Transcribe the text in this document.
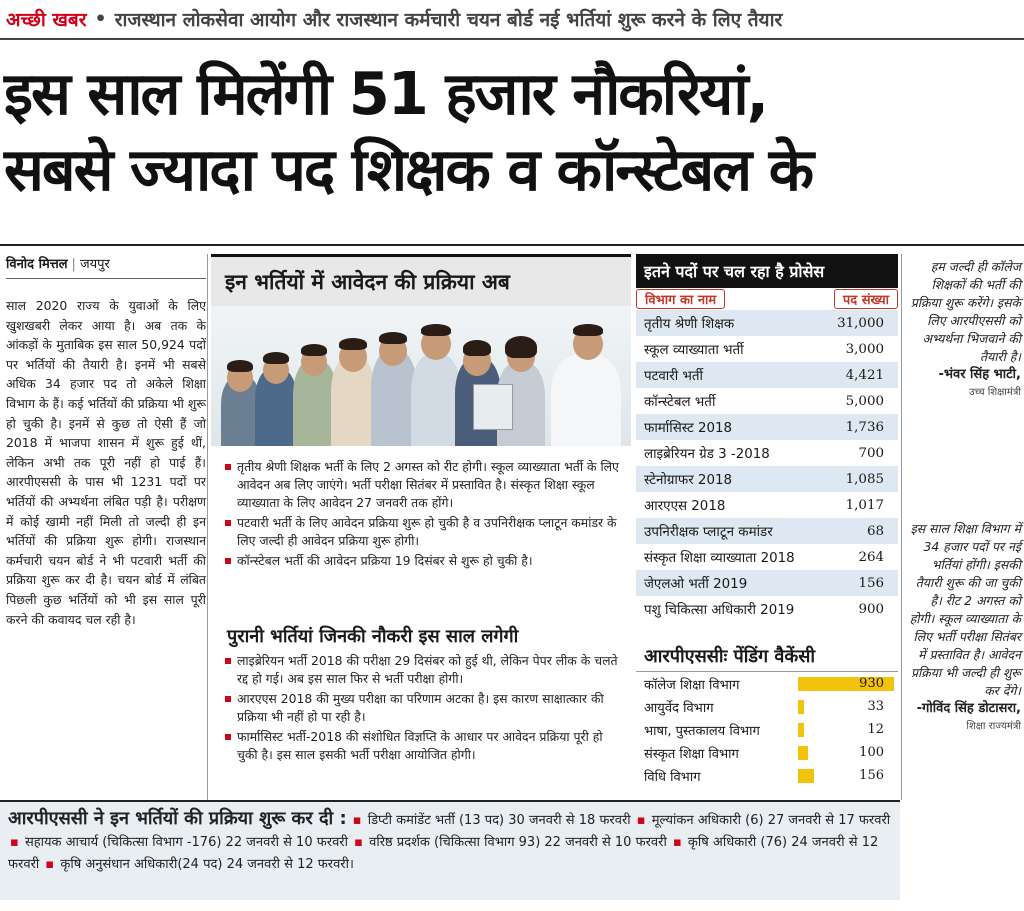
अच्छी खबर • राजस्थान लोकसेवा आयोग और राजस्थान कर्मचारी चयन बोर्ड नई भर्तियां शुरू करने के लिए तैयार
इस साल मिलेंगी 51 हजार नौकरियां,
सबसे ज्यादा पद शिक्षक व कॉन्स्टेबल के
विनोद मित्तल | जयपुर

साल 2020 राज्य के युवाओं के लिए खुशखबरी लेकर आया है। अब तक के आंकड़ों के मुताबिक इस साल 50,924 पदों पर भर्तियों की तैयारी है। इनमें भी सबसे अधिक 34 हजार पद तो अकेले शिक्षा विभाग के हैं। कई भर्तियों की प्रक्रिया भी शुरू हो चुकी है। इनमें से कुछ तो ऐसी हैं जो 2018 में भाजपा शासन में शुरू हुई थीं, लेकिन अभी तक पूरी नहीं हो पाई हैं। आरपीएससी के पास भी 1231 पदों पर भर्तियों की अभ्यर्थना लंबित पड़ी है। परीक्षण में कोई खामी नहीं मिली तो जल्दी ही इन भर्तियों की प्रक्रिया शुरू होगी। राजस्थान कर्मचारी चयन बोर्ड ने भी पटवारी भर्ती की प्रक्रिया शुरू कर दी है। चयन बोर्ड में लंबित पिछली कुछ भर्तियों को भी इस साल पूरी करने की कवायद चल रही है।

इन भर्तियों में आवेदन की प्रक्रिया अब
तृतीय श्रेणी शिक्षक भर्ती के लिए 2 अगस्त को रीट होगी। स्कूल व्याख्याता भर्ती के लिए आवेदन अब लिए जाएंगे। भर्ती परीक्षा सितंबर में प्रस्तावित है। संस्कृत शिक्षा स्कूल व्याख्याता के लिए आवेदन 27 जनवरी तक होंगे।
पटवारी भर्ती के लिए आवेदन प्रक्रिया शुरू हो चुकी है व उपनिरीक्षक प्लाटून कमांडर के लिए जल्दी ही आवेदन प्रक्रिया शुरू होगी।
कॉन्स्टेबल भर्ती की आवेदन प्रक्रिया 19 दिसंबर से शुरू हो चुकी है।
पुरानी भर्तियां जिनकी नौकरी इस साल लगेगी
लाइब्रेरियन भर्ती 2018 की परीक्षा 29 दिसंबर को हुई थी, लेकिन पेपर लीक के चलते रद्द हो गई। अब इस साल फिर से भर्ती परीक्षा होगी।
आरएएस 2018 की मुख्य परीक्षा का परिणाम अटका है। इस कारण साक्षात्कार की प्रक्रिया भी नहीं हो पा रही है।
फार्मासिस्ट भर्ती-2018 की संशोधित विज्ञप्ति के आधार पर आवेदन प्रक्रिया पूरी हो चुकी है। इस साल इसकी भर्ती परीक्षा आयोजित होगी।
इतने पदों पर चल रहा है प्रोसेस
विभाग का नाम	पद संख्या
तृतीय श्रेणी शिक्षक	31,000
स्कूल व्याख्याता भर्ती	3,000
पटवारी भर्ती	4,421
कॉन्स्टेबल भर्ती	5,000
फार्मासिस्ट 2018	1,736
लाइब्रेरियन ग्रेड 3 -2018	700
स्टेनोग्राफर 2018	1,085
आरएएस 2018	1,017
उपनिरीक्षक प्लाटून कमांडर	68
संस्कृत शिक्षा व्याख्याता 2018	264
जेएलओ भर्ती 2019	156
पशु चिकित्सा अधिकारी 2019	900
आरपीएससीः पेंडिंग वैकेंसी
कॉलेज शिक्षा विभाग	930
आयुर्वेद विभाग	33
भाषा, पुस्तकालय विभाग	12
संस्कृत शिक्षा विभाग	100
विधि विभाग	156
हम जल्दी ही कॉलेज शिक्षकों की भर्ती की प्रक्रिया शुरू करेंगे। इसके लिए आरपीएससी को अभ्यर्थना भिजवाने की तैयारी है।
-भंवर सिंह भाटी,
उच्च शिक्षामंत्री
इस साल शिक्षा विभाग में 34 हजार पदों पर नई भर्तियां होंगी। इसकी तैयारी शुरू की जा चुकी है। रीट 2 अगस्त को होगी। स्कूल व्याख्याता के लिए भर्ती परीक्षा सितंबर में प्रस्तावित है। आवेदन प्रक्रिया भी जल्दी ही शुरू कर देंगे।
-गोविंद सिंह डोटासरा,
शिक्षा राज्यमंत्री
आरपीएससी ने इन भर्तियों की प्रक्रिया शुरू कर दी : ▪ डिप्टी कमांडेंट भर्ती (13 पद) 30 जनवरी से 18 फरवरी ▪ मूल्यांकन अधिकारी (6) 27 जनवरी से 17 फरवरी ▪ सहायक आचार्य (चिकित्सा विभाग -176) 22 जनवरी से 10 फरवरी ▪ वरिष्ठ प्रदर्शक (चिकित्सा विभाग 93) 22 जनवरी से 10 फरवरी ▪ कृषि अधिकारी (76) 24 जनवरी से 12 फरवरी ▪ कृषि अनुसंधान अधिकारी(24 पद) 24 जनवरी से 12 फरवरी।
